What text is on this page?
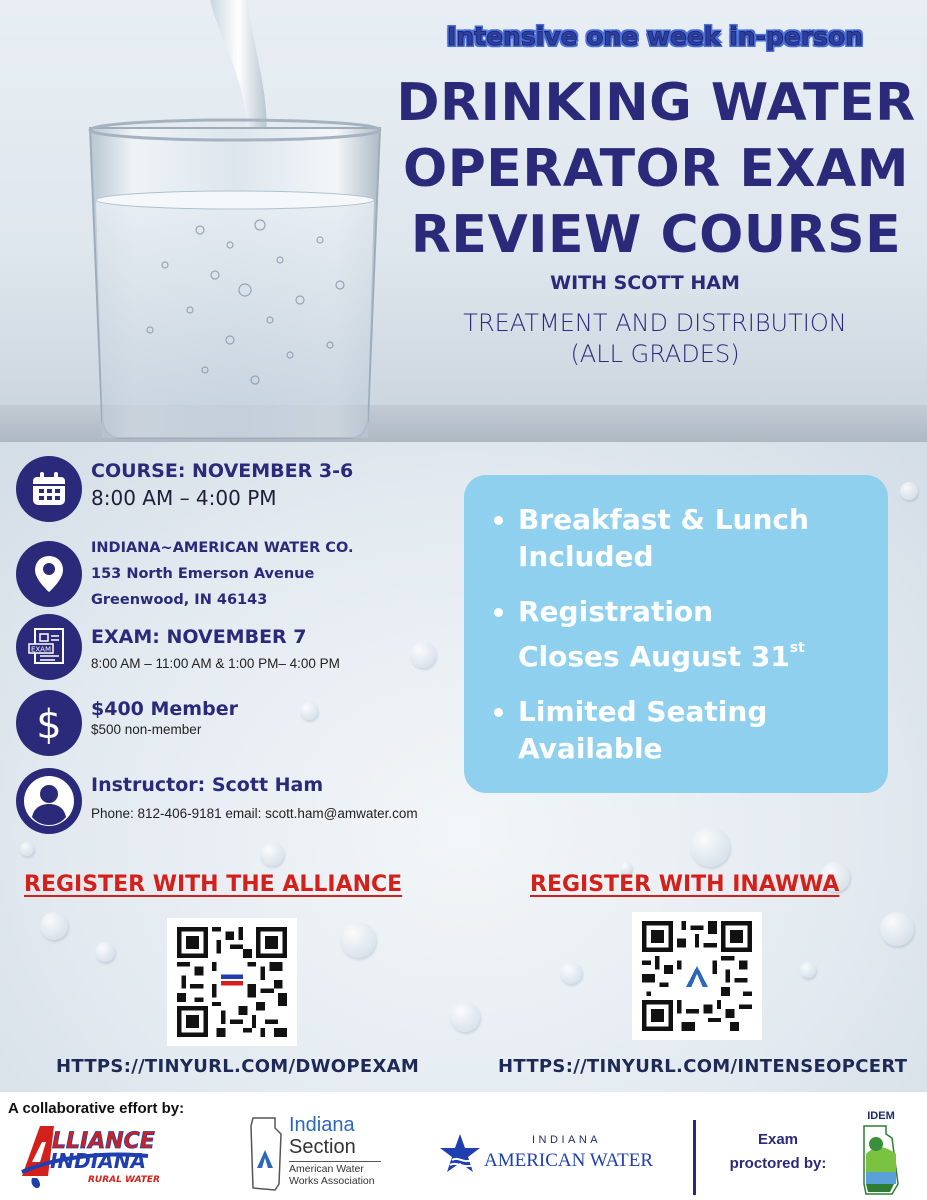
Intensive one week in-person
DRINKING WATER
OPERATOR EXAM
REVIEW COURSE
WITH SCOTT HAM
TREATMENT AND DISTRIBUTION
(ALL GRADES)
COURSE: NOVEMBER 3-6
8:00 AM – 4:00 PM
INDIANA~AMERICAN WATER CO.
153 North Emerson Avenue
Greenwood, IN 46143
EXAM
EXAM: NOVEMBER 7
8:00 AM – 11:00 AM & 1:00 PM– 4:00 PM
$ $400 Member
$500 non-member
Instructor: Scott Ham
Phone: 812-406-9181 email: scott.ham@amwater.com
Breakfast & Lunch
Included
Registration
Closes August 31st
Limited Seating
Available
REGISTER WITH THE ALLIANCE	REGISTER WITH INAWWA
HTTPS://TINYURL.COM/DWOPEXAM	HTTPS://TINYURL.COM/INTENSEOPCERT
A collaborative effort by:
LLIANCE
INDIANA
RURAL WATER
Indiana
Section
American Water
Works Association
INDIANA
AMERICAN WATER
Exam
proctored by:
IDEM
